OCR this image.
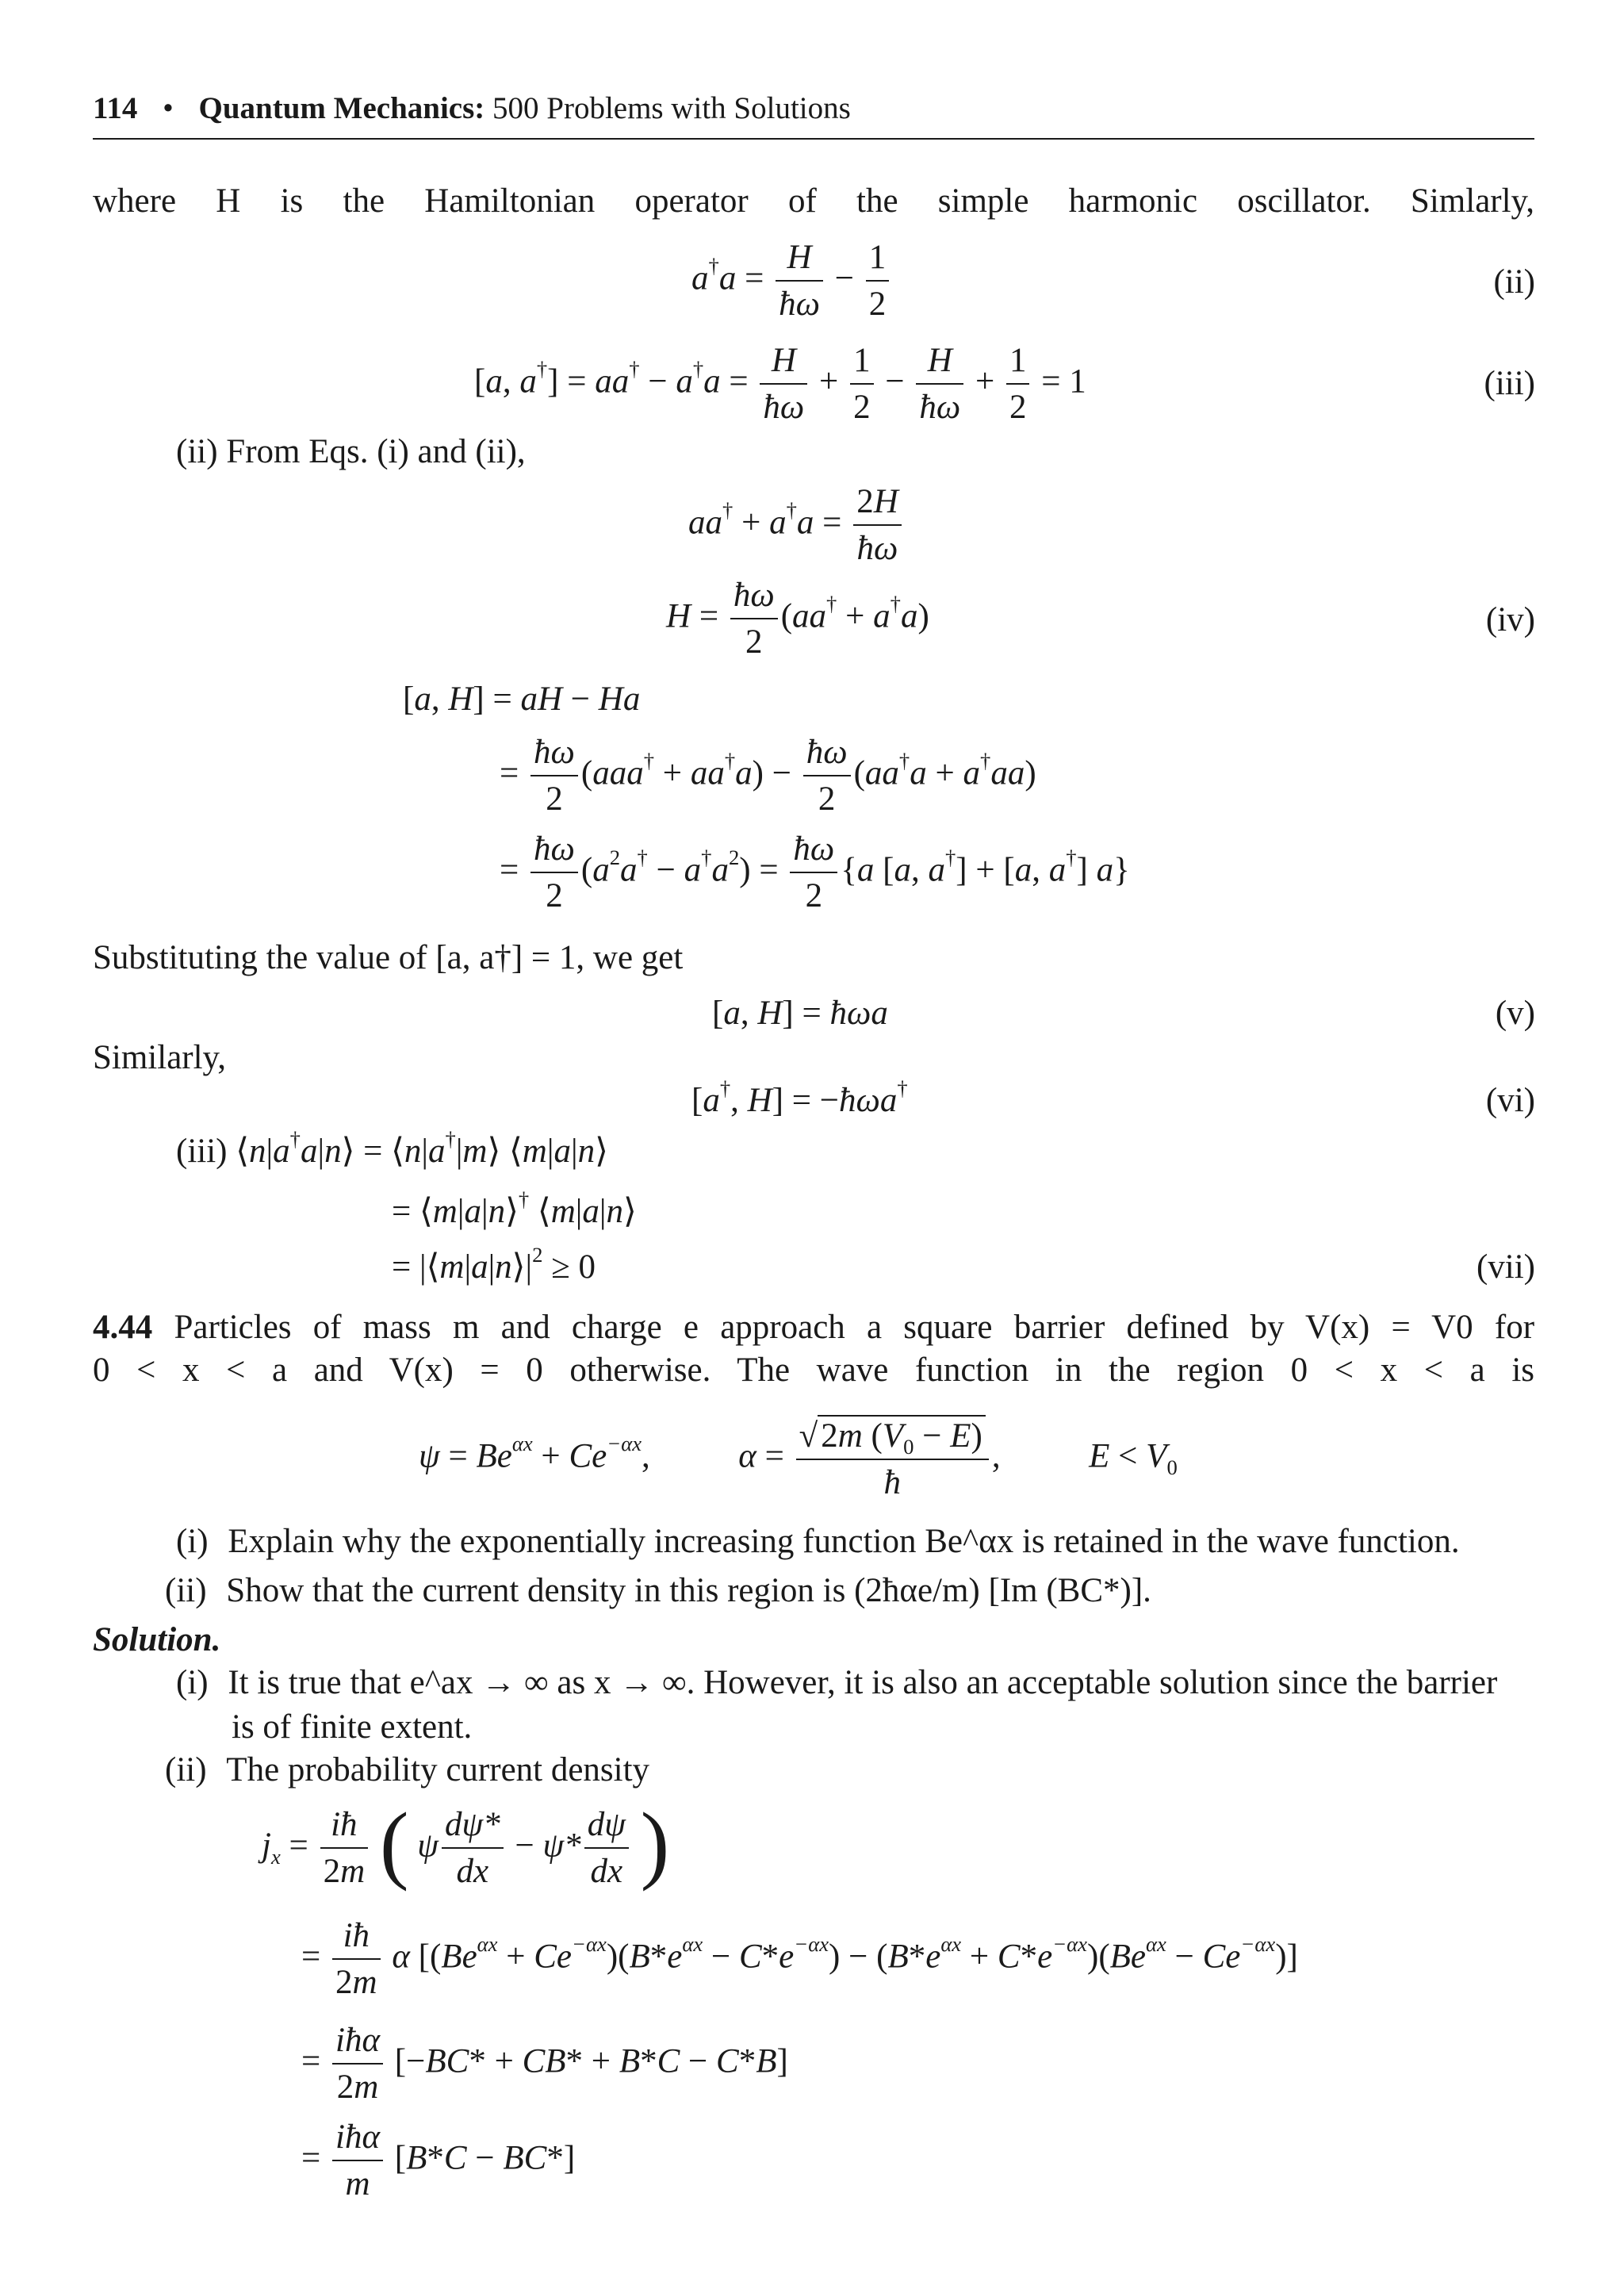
114 • Quantum Mechanics: 500 Problems with Solutions
where H is the Hamiltonian operator of the simple harmonic oscillator. Simlarly,
$a^\dagger a = \frac{H}{ħ\omega} - \frac{1}{2}$	(ii)
[a, $a^\dagger] = aa^\dagger - a^\dagger a = \frac{H}{ħ\omega} + \frac{1}{2} - \frac{H}{ħ\omega} + \frac{1}{2} = 1$	(iii)
(ii) From Eqs. (i) and (ii),
$aa^\dagger + a^\dagger a = \frac{2H}{ħ\omega}$
$H = \frac{ħ\omega}{2} (aa^\dagger + a^\dagger a)$	(iv)
[a, H] = aH − Ha
= $\frac{ħ\omega}{2} (aaa^\dagger + aa^\dagger a) - \frac{ħ\omega}{2} (aa^\dagger a + a^\dagger aa)$
= $\frac{ħ\omega}{2} (a^2a^\dagger - a^\dagger a^2) = \frac{ħ\omega}{2} \{a$ [a, a†] + [a, a†] a}
Substituting the value of [a, a†] = 1, we get
[a, H] = ħωa	(v)
Similarly,
[a†, H] = −ħωa†	(vi)
(iii) ⟨n|a†a|n⟩ = ⟨n|a†|m⟩ ⟨m|a|n⟩
= ⟨m|a|n⟩† ⟨m|a|n⟩
= $|⟨m|a|n⟩|^2 \ge 0$	(vii)
4.44 Particles of mass m and charge e approach a square barrier defined by V(x) = V0 for
0 < x < a and V(x) = 0 otherwise. The wave function in the region 0 < x < a is
$\psi = Be^{\alpha x} + Ce^{-\alpha x}$,  $\alpha = \frac{√2m (V_0 - E)}{ħ}$ ,  $E < V_0$
(i) Explain why the exponentially increasing function Be^αx is retained in the wave function.
(ii) Show that the current density in this region is (2ħαe/m) [Im (BC*)].
Solution.
(i) It is true that e^ax → ∞ as x → ∞. However, it is also an acceptable solution since the barrier
is of finite extent.
(ii) The probability current density
$j_x = \frac{iħ}{2m}$ ( ψ $\frac{d\psi*}{dx} - \psi* \frac{d\psi}{dx}$ )
= $\frac{iħ}{2m}$ α $[(Be^{\alpha x} + Ce^{-\alpha x})(B*e^{\alpha x} - C*e^{-\alpha x}) - (B*e^{\alpha x} + C*e^{-\alpha x})(Be^{\alpha x} - Ce^{-\alpha x})]$
= $\frac{\text{iħα}}{2m} [-BC* + CB* + B*C - C*B]$
= $\frac{\text{iħα}}{m} [B*C - BC*]$
